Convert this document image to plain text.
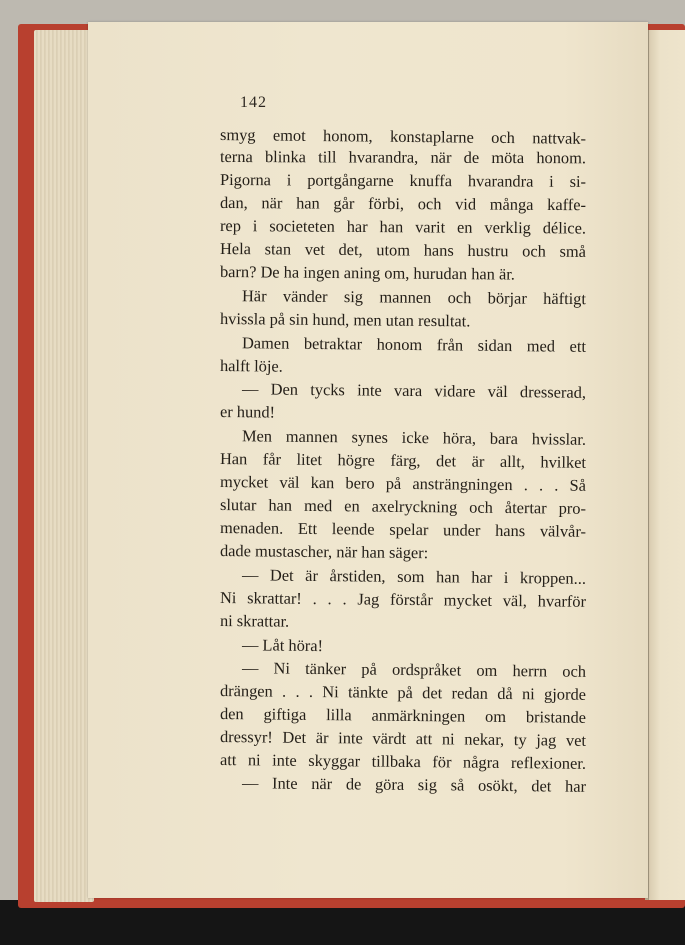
142
smyg emot honom, konstaplarne och nattvak-
terna blinka till hvarandra, när de möta honom.
Pigorna i portgångarne knuffa hvarandra i si-
dan, när han går förbi, och vid många kaffe-
rep i societeten har han varit en verklig délice.
Hela stan vet det, utom hans hustru och små
barn? De ha ingen aning om, hurudan han är.
Här vänder sig mannen och börjar häftigt
hvissla på sin hund, men utan resultat.
Damen betraktar honom från sidan med ett
halft löje.
— Den tycks inte vara vidare väl dresserad,
er hund!
Men mannen synes icke höra, bara hvisslar.
Han får litet högre färg, det är allt, hvilket
mycket väl kan bero på ansträngningen . . . Så
slutar han med en axelryckning och återtar pro-
menaden. Ett leende spelar under hans välvår-
dade mustascher, när han säger:
— Det är årstiden, som han har i kroppen...
Ni skrattar! . . . Jag förstår mycket väl, hvarför
ni skrattar.
— Låt höra!
— Ni tänker på ordspråket om herrn och
drängen . . . Ni tänkte på det redan då ni gjorde
den giftiga lilla anmärkningen om bristande
dressyr! Det är inte värdt att ni nekar, ty jag vet
att ni inte skyggar tillbaka för några reflexioner.
— Inte när de göra sig så osökt, det har
